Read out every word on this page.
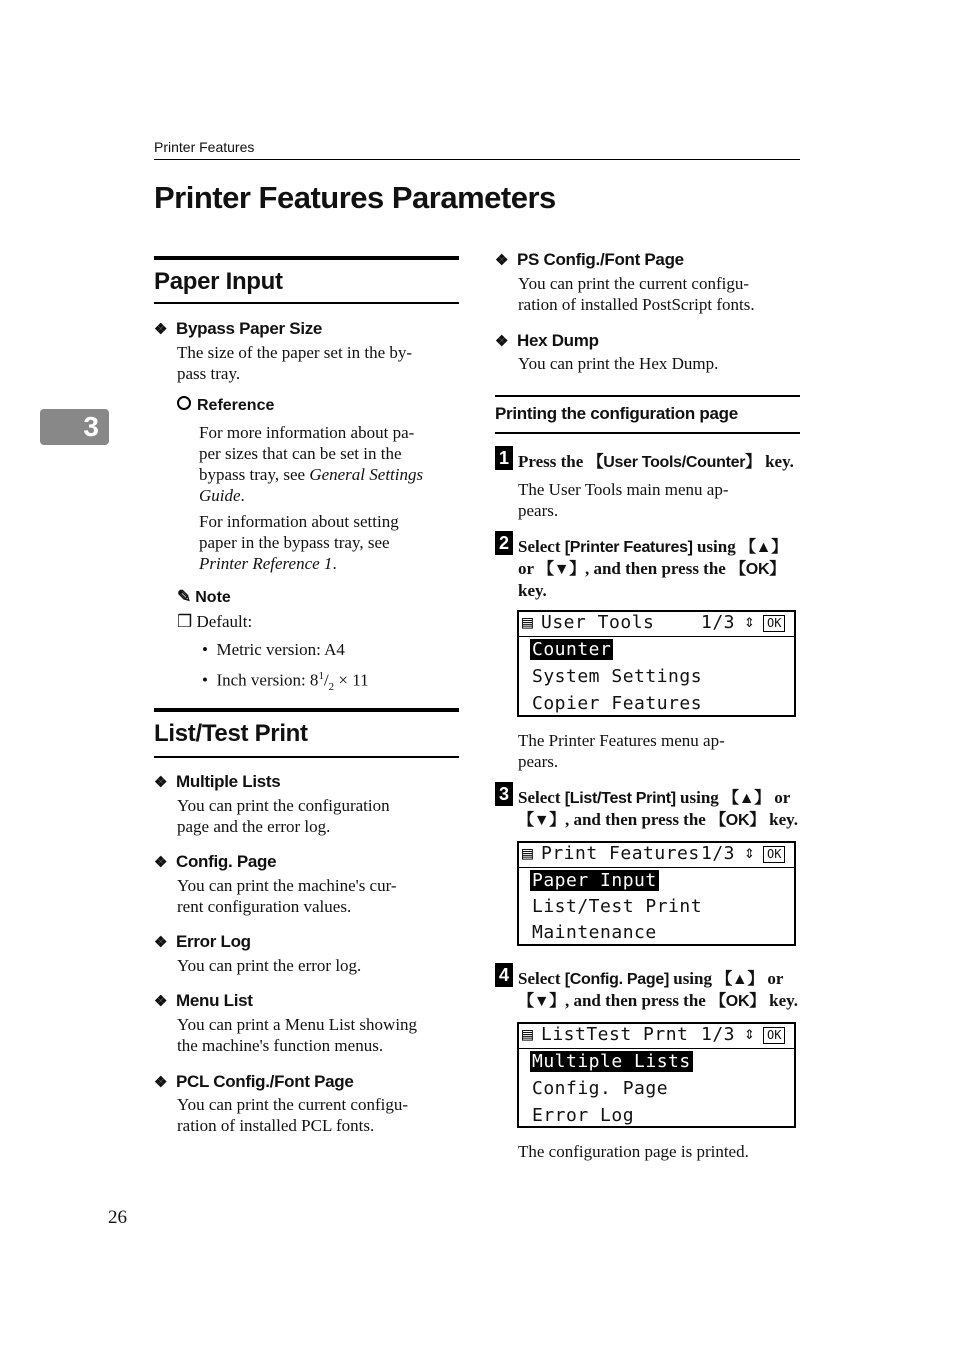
Printer Features
Printer Features Parameters
3
Paper Input
❖ Bypass Paper Size
The size of the paper set in the by-
pass tray.
Reference
For more information about pa-
per sizes that can be set in the
bypass tray, see General Settings
Guide.
For information about setting
paper in the bypass tray, see
Printer Reference 1.
✎ Note
❒ Default:
• Metric version: A4
• Inch version: $8^1/_2 \times 11$
List/Test Print
❖ Multiple Lists
You can print the configuration
page and the error log.
❖ Config. Page
You can print the machine's cur-
rent configuration values.
❖ Error Log
You can print the error log.
❖ Menu List
You can print a Menu List showing
the machine's function menus.
❖ PCL Config./Font Page
You can print the current configu-
ration of installed PCL fonts.
❖ PS Config./Font Page
You can print the current configu-
ration of installed PostScript fonts.
❖ Hex Dump
You can print the Hex Dump.
Printing the configuration page
1 Press the 【User Tools/Counter】 key.
The User Tools main menu ap-
pears.
2 Select [Printer Features] using 【▲】
or 【▼】, and then press the 【OK】
key.
▤ User Tools	1/3 ⇕ OK
Counter
System Settings
Copier Features
The Printer Features menu ap-
pears.
3 Select [List/Test Print] using 【▲】 or
【▼】, and then press the 【OK】 key.
▤ Print Features 1/3 ⇕ OK
Paper Input
List/Test Print
Maintenance
4 Select [Config. Page] using 【▲】 or
【▼】, and then press the 【OK】 key.
▤ ListTest Prnt 1/3 ⇕ OK
Multiple Lists
Config. Page
Error Log
The configuration page is printed.
26
